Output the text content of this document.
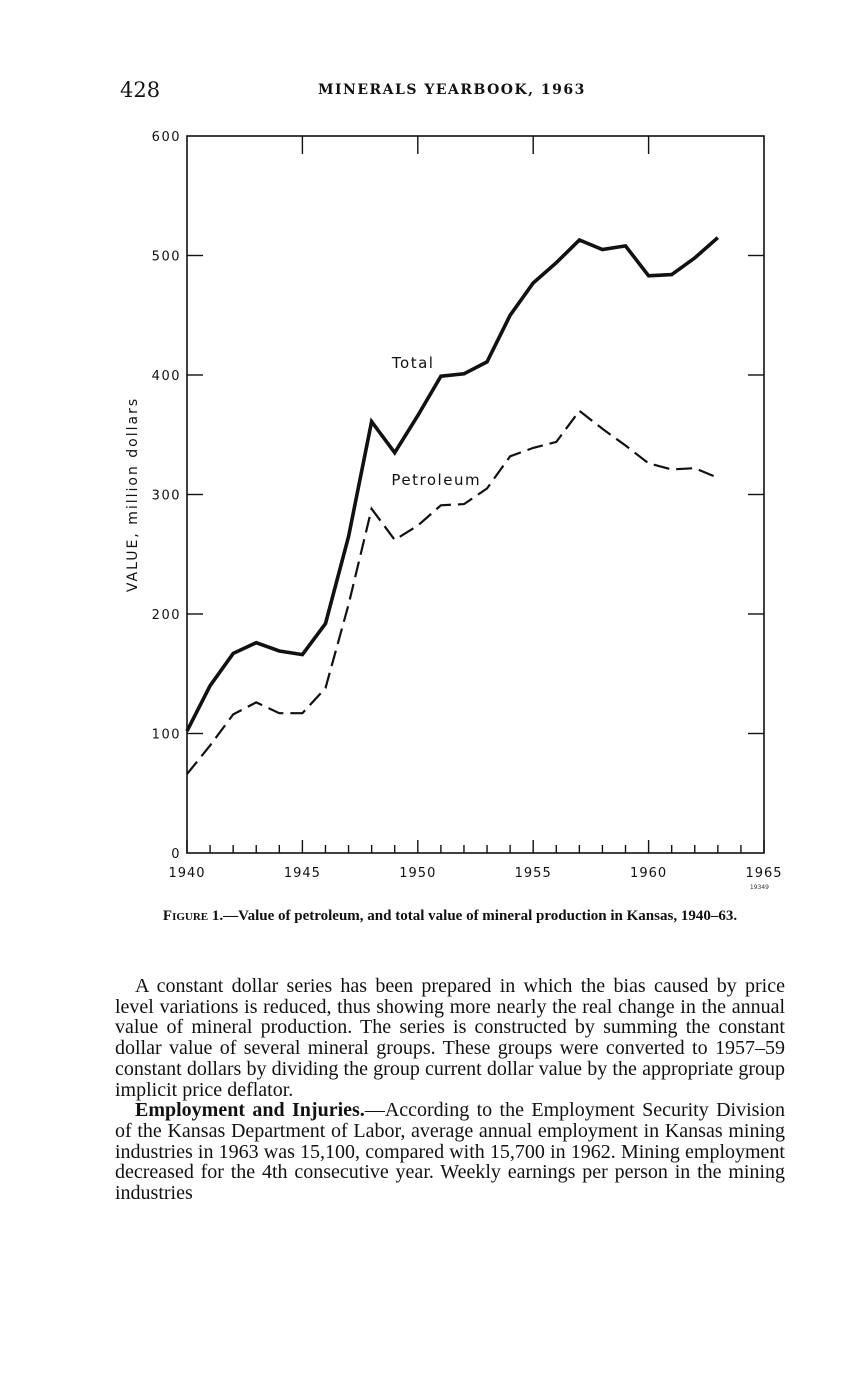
428	MINERALS YEARBOOK, 1963
1940	1945	1950	1955	1960	1965
0
100
200
300
400
500
600
VALUE, million dollars
Total
Petroleum
19349
Figure 1.—Value of petroleum, and total value of mineral production in Kansas, 1940–63.

A constant dollar series has been prepared in which the bias caused by price level variations is reduced, thus showing more nearly the real change in the annual value of mineral production. The series is constructed by summing the constant dollar value of several mineral groups. These groups were converted to 1957–59 constant dollars by dividing the group current dollar value by the appropriate group implicit price deflator.

Employment and Injuries.—According to the Employment Security Division of the Kansas Department of Labor, average annual employment in Kansas mining industries in 1963 was 15,100, compared with 15,700 in 1962. Mining employment decreased for the 4th consecutive year. Weekly earnings per person in the mining industries
